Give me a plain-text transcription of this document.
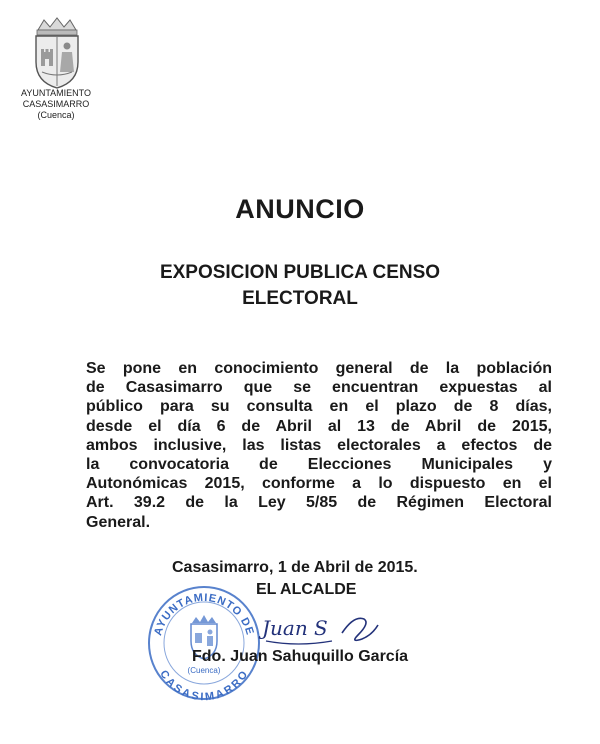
AYUNTAMIENTO
CASASIMARRO
(Cuenca)
ANUNCIO
EXPOSICION PUBLICA CENSO
ELECTORAL
Se pone en conocimiento general de la población
de Casasimarro que se encuentran expuestas al
público para su consulta en el plazo de 8 días,
desde el día 6 de Abril al 13 de Abril de 2015,
ambos inclusive, las listas electorales a efectos de
la convocatoria de Elecciones Municipales y
Autonómicas 2015, conforme a lo dispuesto en el
Art. 39.2 de la Ley 5/85 de Régimen Electoral
General.
Casasimarro, 1 de Abril de 2015.
EL ALCALDE
AYUNTAMIENTO DE
CASASIMARRO
(Cuenca)
Juan S
Fdo. Juan Sahuquillo García
